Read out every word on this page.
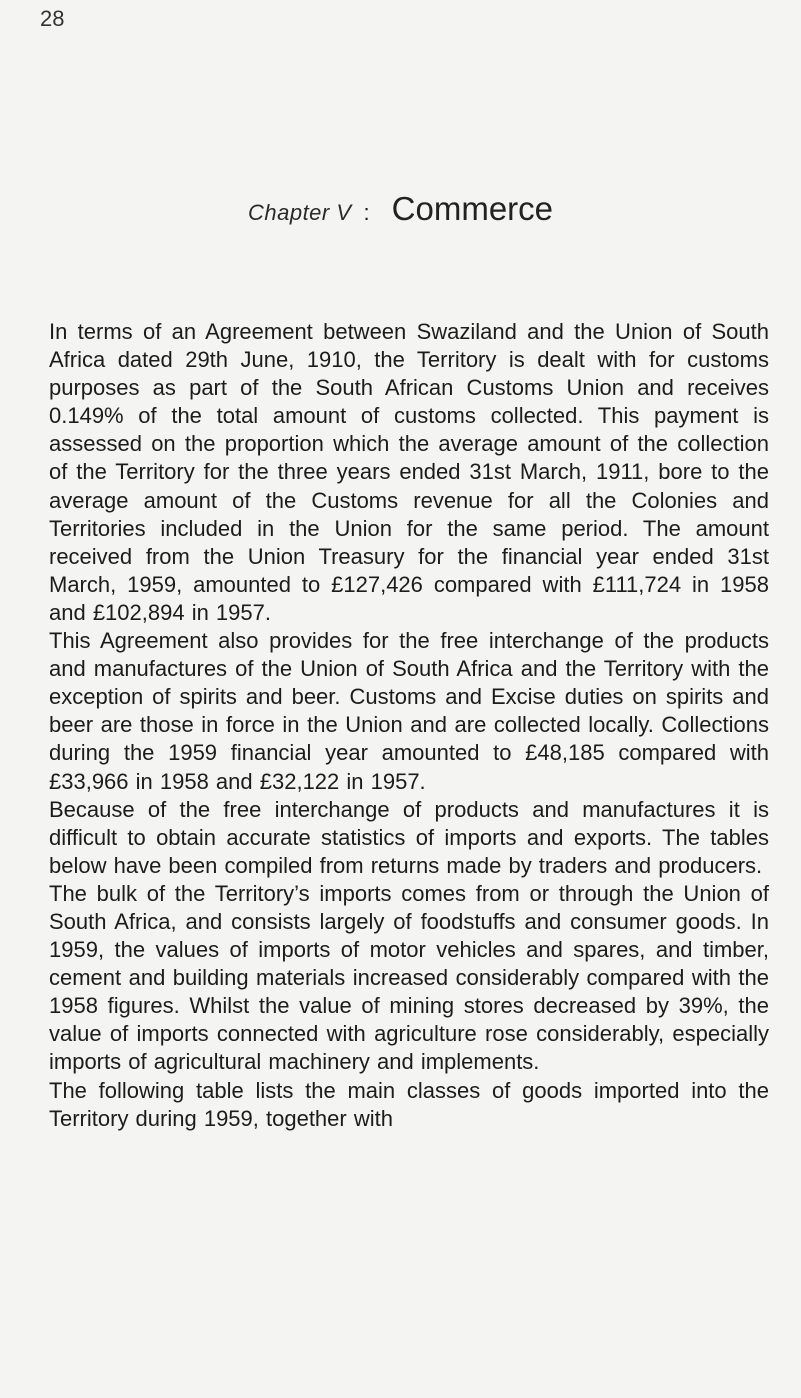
28
Chapter V : Commerce

In terms of an Agreement between Swaziland and the Union of South Africa dated 29th June, 1910, the Territory is dealt with for customs purposes as part of the South African Customs Union and receives 0.149% of the total amount of customs collected. This payment is assessed on the proportion which the average amount of the collection of the Territory for the three years ended 31st March, 1911, bore to the average amount of the Customs revenue for all the Colonies and Territories included in the Union for the same period. The amount received from the Union Treasury for the financial year ended 31st March, 1959, amounted to £127,426 compared with £111,724 in 1958 and £102,894 in 1957.

This Agreement also provides for the free interchange of the products and manufactures of the Union of South Africa and the Territory with the exception of spirits and beer. Customs and Excise duties on spirits and beer are those in force in the Union and are collected locally. Collections during the 1959 financial year amounted to £48,185 compared with £33,966 in 1958 and £32,122 in 1957.

Because of the free interchange of products and manufactures it is difficult to obtain accurate statistics of imports and exports. The tables below have been compiled from returns made by traders and producers.

The bulk of the Territory’s imports comes from or through the Union of South Africa, and consists largely of foodstuffs and consumer goods. In 1959, the values of imports of motor vehicles and spares, and timber, cement and building materials increased considerably compared with the 1958 figures. Whilst the value of mining stores decreased by 39%, the value of imports connected with agriculture rose considerably, especially imports of agricultural machinery and implements.

The following table lists the main classes of goods imported into the Territory during 1959, together with
